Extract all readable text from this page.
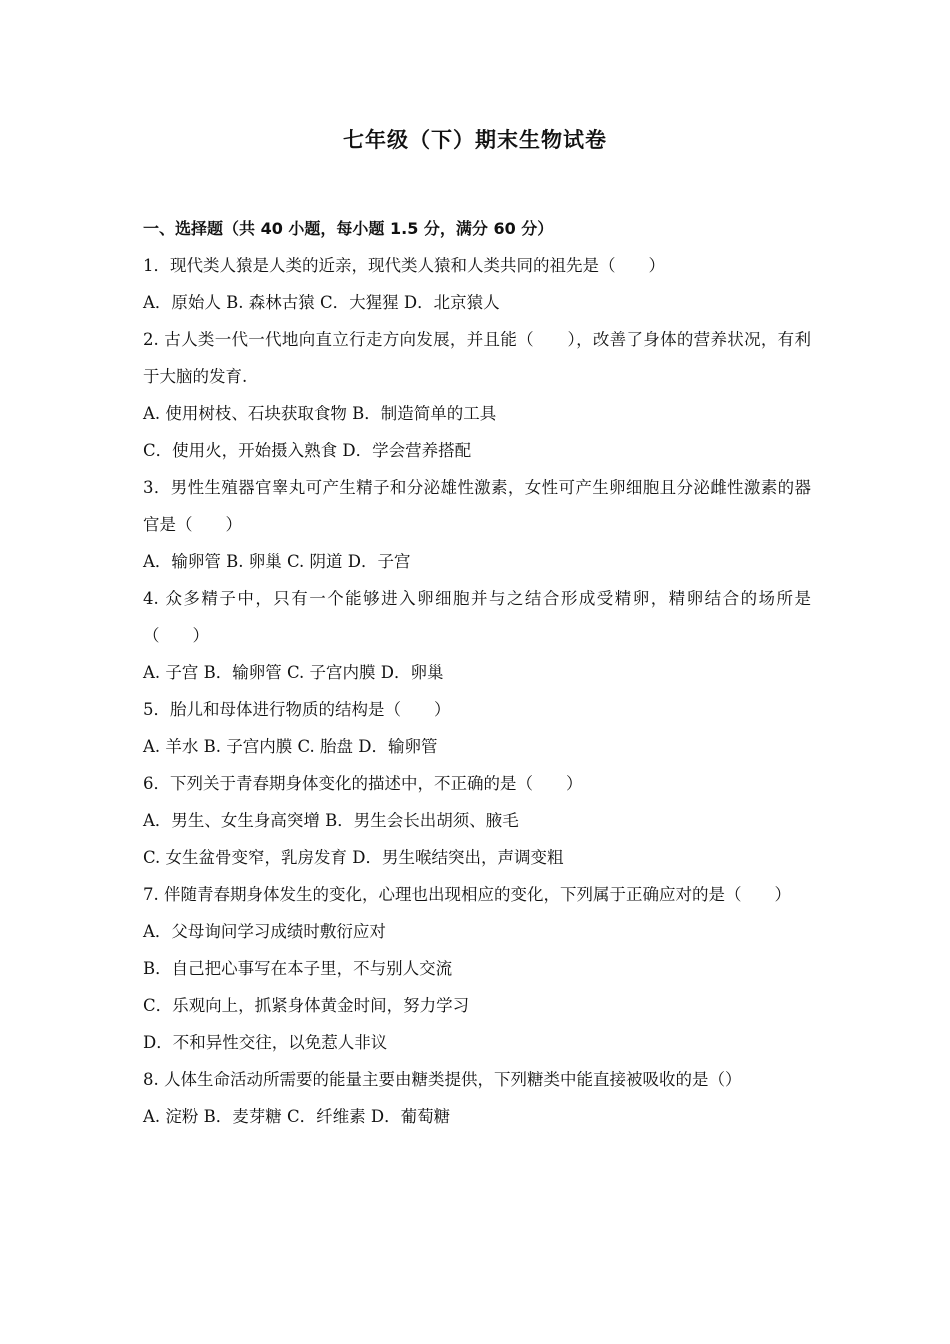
七年级（下）期末生物试卷
一、选择题（共 40 小题，每小题 1.5 分，满分 60 分）
1．现代类人猿是人类的近亲，现代类人猿和人类共同的祖先是（　　）
A．原始人 B. 森林古猿 C．大猩猩 D．北京猿人
2. 古人类一代一代地向直立行走方向发展，并且能（　　），改善了身体的营养状况，有利于大脑的发育.
A. 使用树枝、石块获取食物 B．制造简单的工具
C．使用火，开始摄入熟食 D．学会营养搭配
3．男性生殖器官睾丸可产生精子和分泌雄性激素，女性可产生卵细胞且分泌雌性激素的器官是（　　）
A．输卵管 B. 卵巢 C. 阴道 D．子宫
4. 众多精子中，只有一个能够进入卵细胞并与之结合形成受精卵，精卵结合的场所是（　　）
A. 子宫 B．输卵管 C. 子宫内膜 D．卵巢
5．胎儿和母体进行物质的结构是（　　）
A. 羊水 B. 子宫内膜 C. 胎盘 D．输卵管
6．下列关于青春期身体变化的描述中，不正确的是（　　）
A．男生、女生身高突增 B．男生会长出胡须、腋毛
C. 女生盆骨变窄，乳房发育 D．男生喉结突出，声调变粗
7. 伴随青春期身体发生的变化，心理也出现相应的变化，下列属于正确应对的是（　　）
A．父母询问学习成绩时敷衍应对
B．自己把心事写在本子里，不与别人交流
C．乐观向上，抓紧身体黄金时间，努力学习
D．不和异性交往，以免惹人非议
8. 人体生命活动所需要的能量主要由糖类提供，下列糖类中能直接被吸收的是（）
A. 淀粉 B．麦芽糖 C．纤维素 D．葡萄糖
